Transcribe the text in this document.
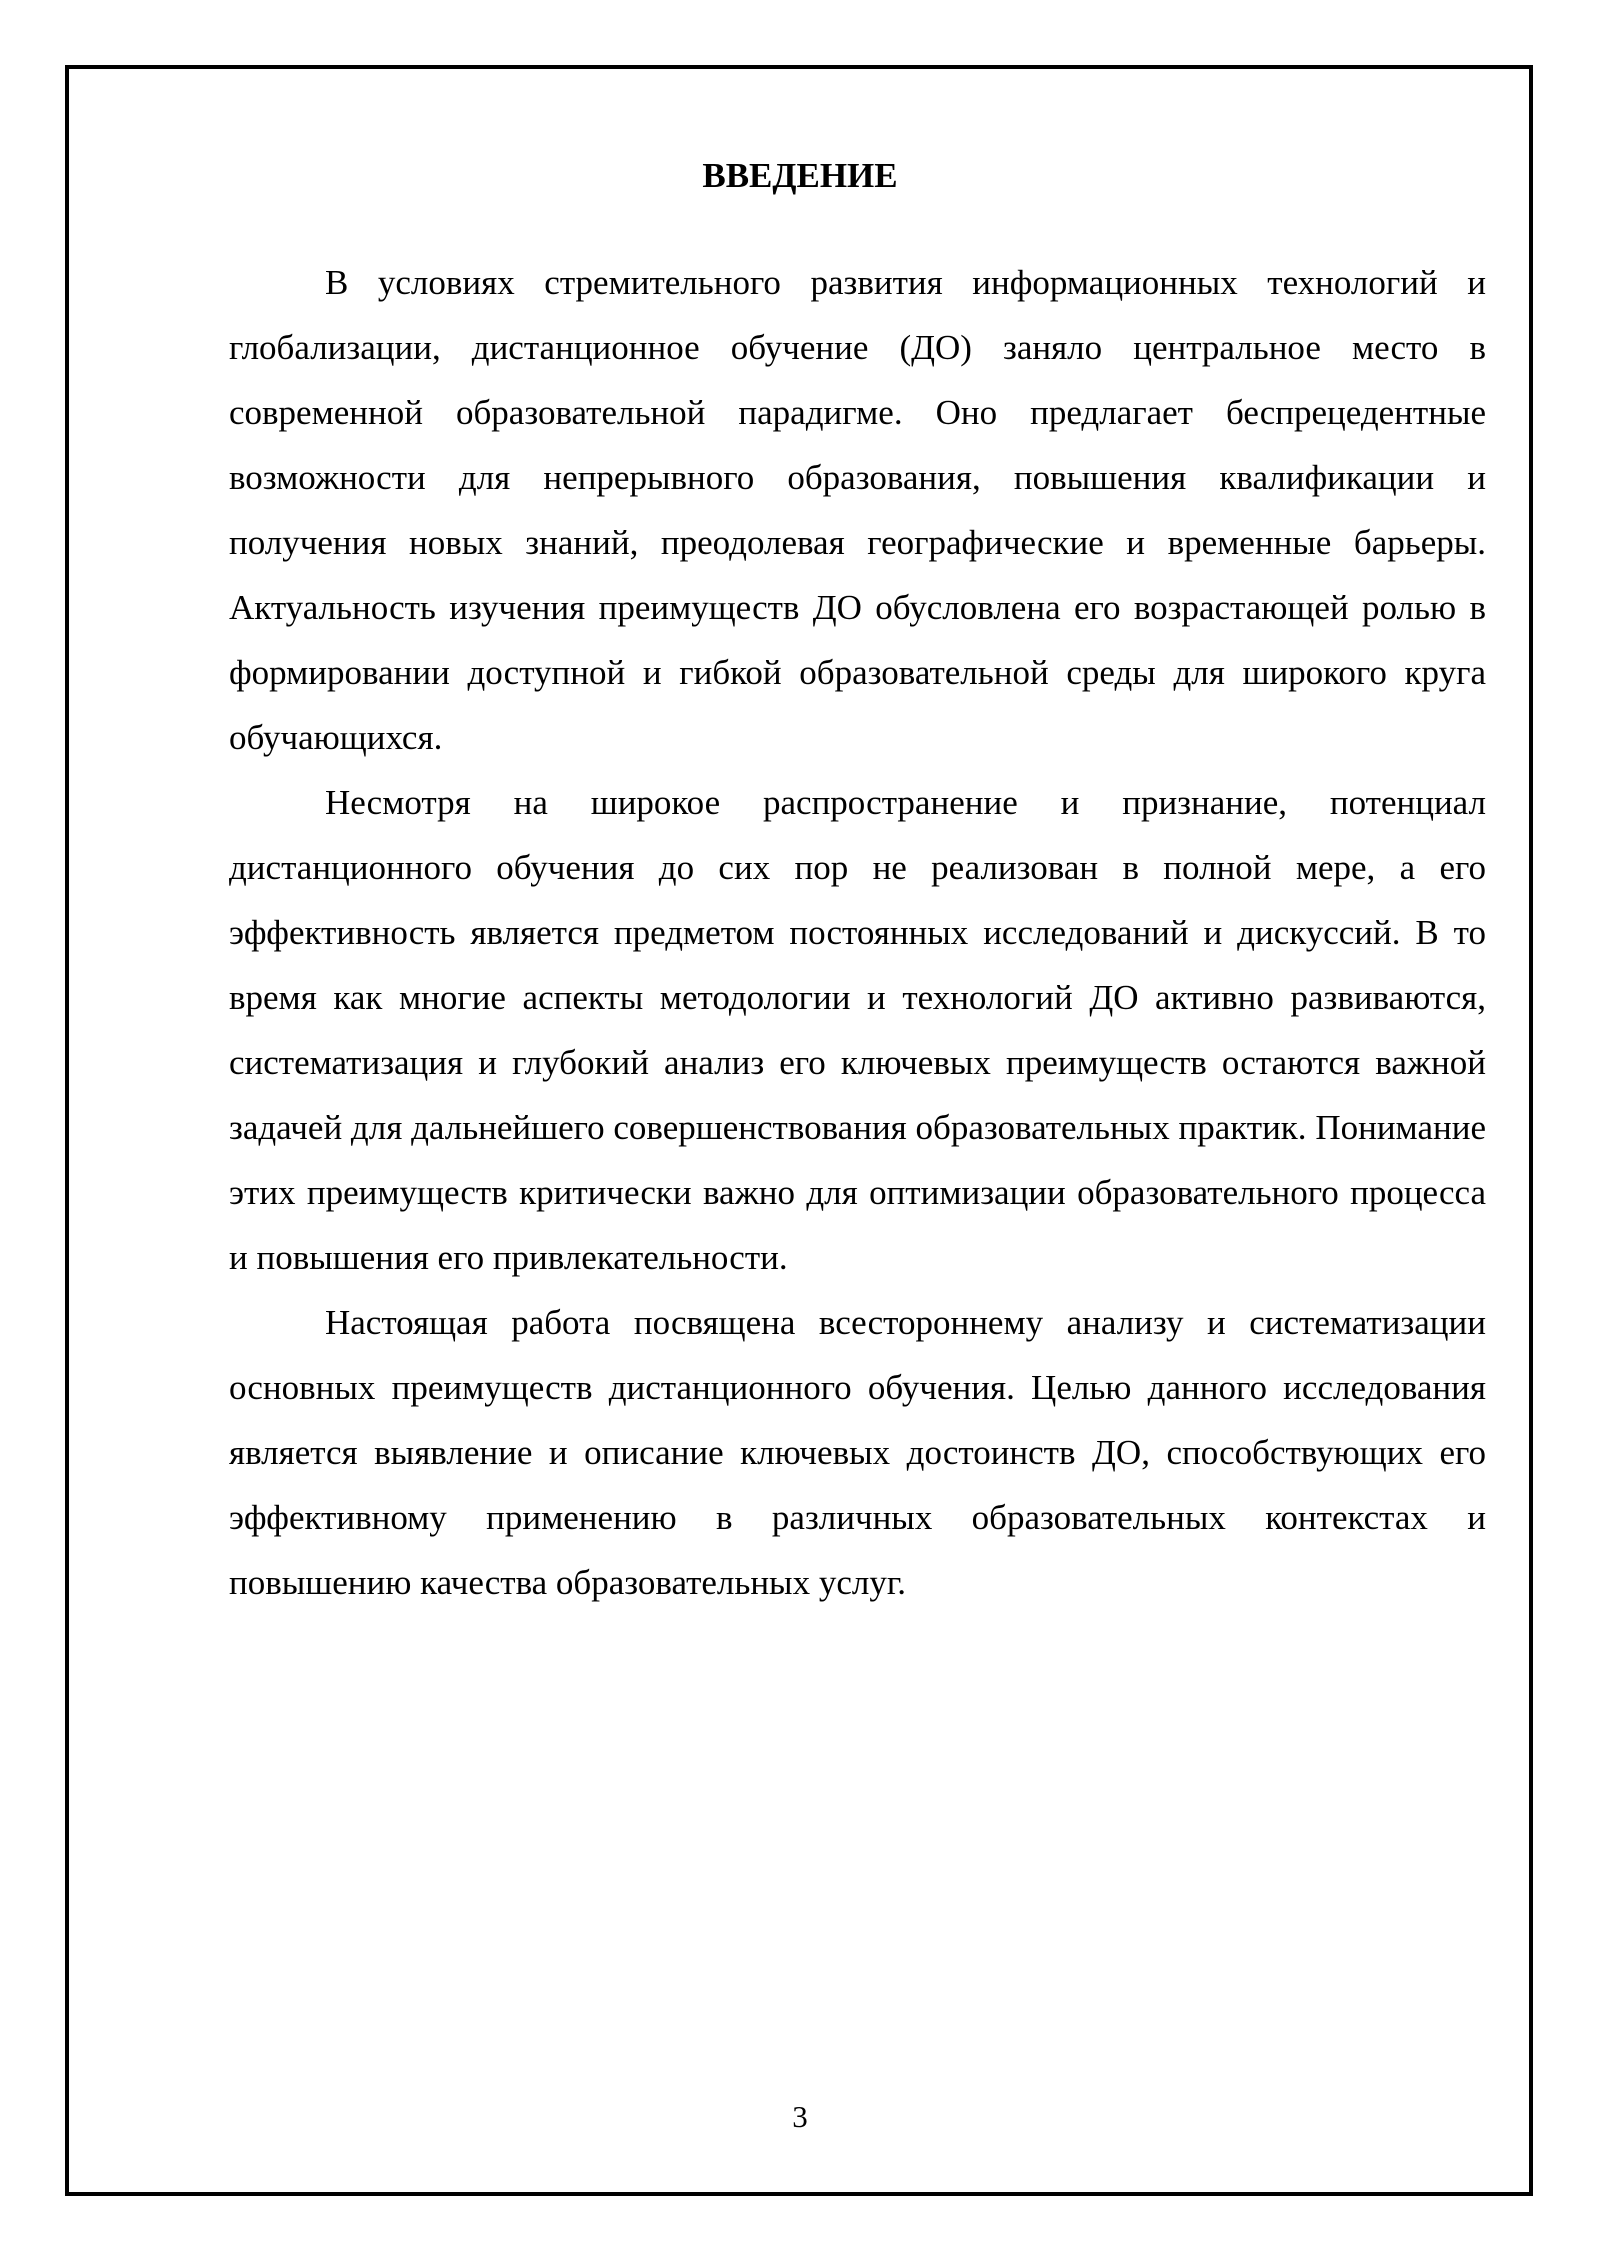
ВВЕДЕНИЕ

В условиях стремительного развития информационных технологий и глобализации, дистанционное обучение (ДО) заняло центральное место в современной образовательной парадигме. Оно предлагает беспрецедентные возможности для непрерывного образования, повышения квалификации и получения новых знаний, преодолевая географические и временные барьеры. Актуальность изучения преимуществ ДО обусловлена его возрастающей ролью в формировании доступной и гибкой образовательной среды для широкого круга обучающихся.

Несмотря на широкое распространение и признание, потенциал дистанционного обучения до сих пор не реализован в полной мере, а его эффективность является предметом постоянных исследований и дискуссий. В то время как многие аспекты методологии и технологий ДО активно развиваются, систематизация и глубокий анализ его ключевых преимуществ остаются важной задачей для дальнейшего совершенствования образовательных практик. Понимание этих преимуществ критически важно для оптимизации образовательного процесса и повышения его привлекательности.

Настоящая работа посвящена всестороннему анализу и систематизации основных преимуществ дистанционного обучения. Целью данного исследования является выявление и описание ключевых достоинств ДО, способствующих его эффективному применению в различных образовательных контекстах и повышению качества образовательных услуг.

3
